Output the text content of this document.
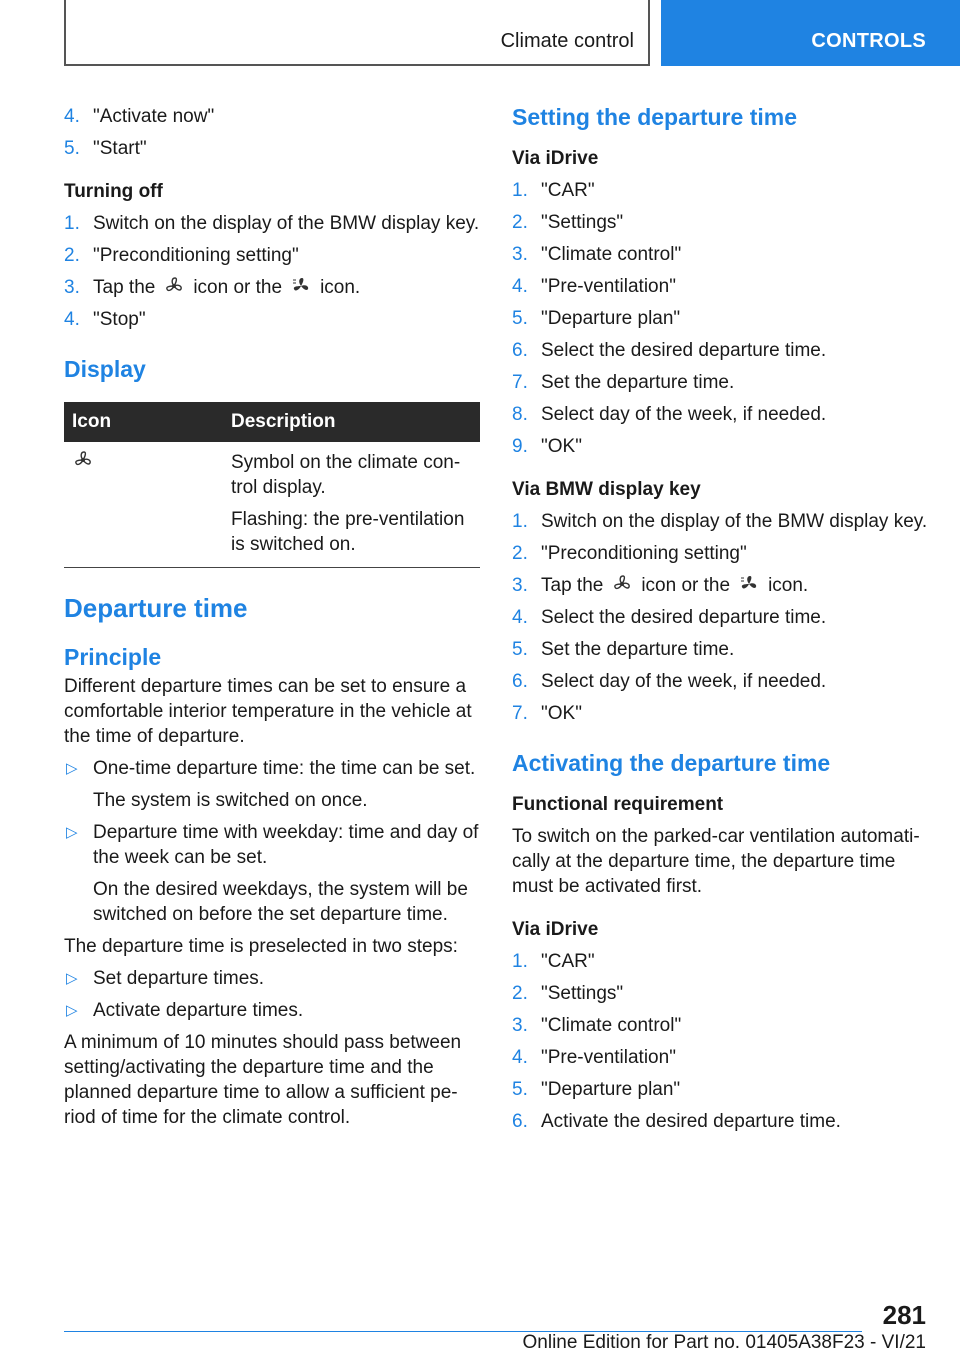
Climate control	CONTROLS
4. "Activate now"
5. "Start"
Turning off
1. Switch on the display of the BMW display key.
2. "Preconditioning setting"
3. Tap the icon or the icon.
4. "Stop"
Display
Icon	Description

Symbol on the climate con-trol display.
Flashing: the pre-ventilation is switched on.
Departure time
Principle

Different departure times can be set to ensure a comfortable interior temperature in the vehicle at the time of departure.

▷ One-time departure time: the time can be set.
The system is switched on once.
▷ Departure time with weekday: time and day of the week can be set.
On the desired weekdays, the system will be switched on before the set departure time.

The departure time is preselected in two steps:

▷ Set departure times.
▷ Activate departure times.

A minimum of 10 minutes should pass between setting/activating the departure time and the planned departure time to allow a sufficient pe-riod of time for the climate control.

Setting the departure time
Via iDrive
1. "CAR"
2. "Settings"
3. "Climate control"
4. "Pre-ventilation"
5. "Departure plan"
6. Select the desired departure time.
7. Set the departure time.
8. Select day of the week, if needed.
9. "OK"
Via BMW display key
1. Switch on the display of the BMW display key.
2. "Preconditioning setting"
3. Tap the icon or the icon.
4. Select the desired departure time.
5. Set the departure time.
6. Select day of the week, if needed.
7. "OK"
Activating the departure time
Functional requirement

To switch on the parked-car ventilation automati-cally at the departure time, the departure time must be activated first.

Via iDrive
1. "CAR"
2. "Settings"
3. "Climate control"
4. "Pre-ventilation"
5. "Departure plan"
6. Activate the desired departure time.
281
Online Edition for Part no. 01405A38F23 - VI/21
